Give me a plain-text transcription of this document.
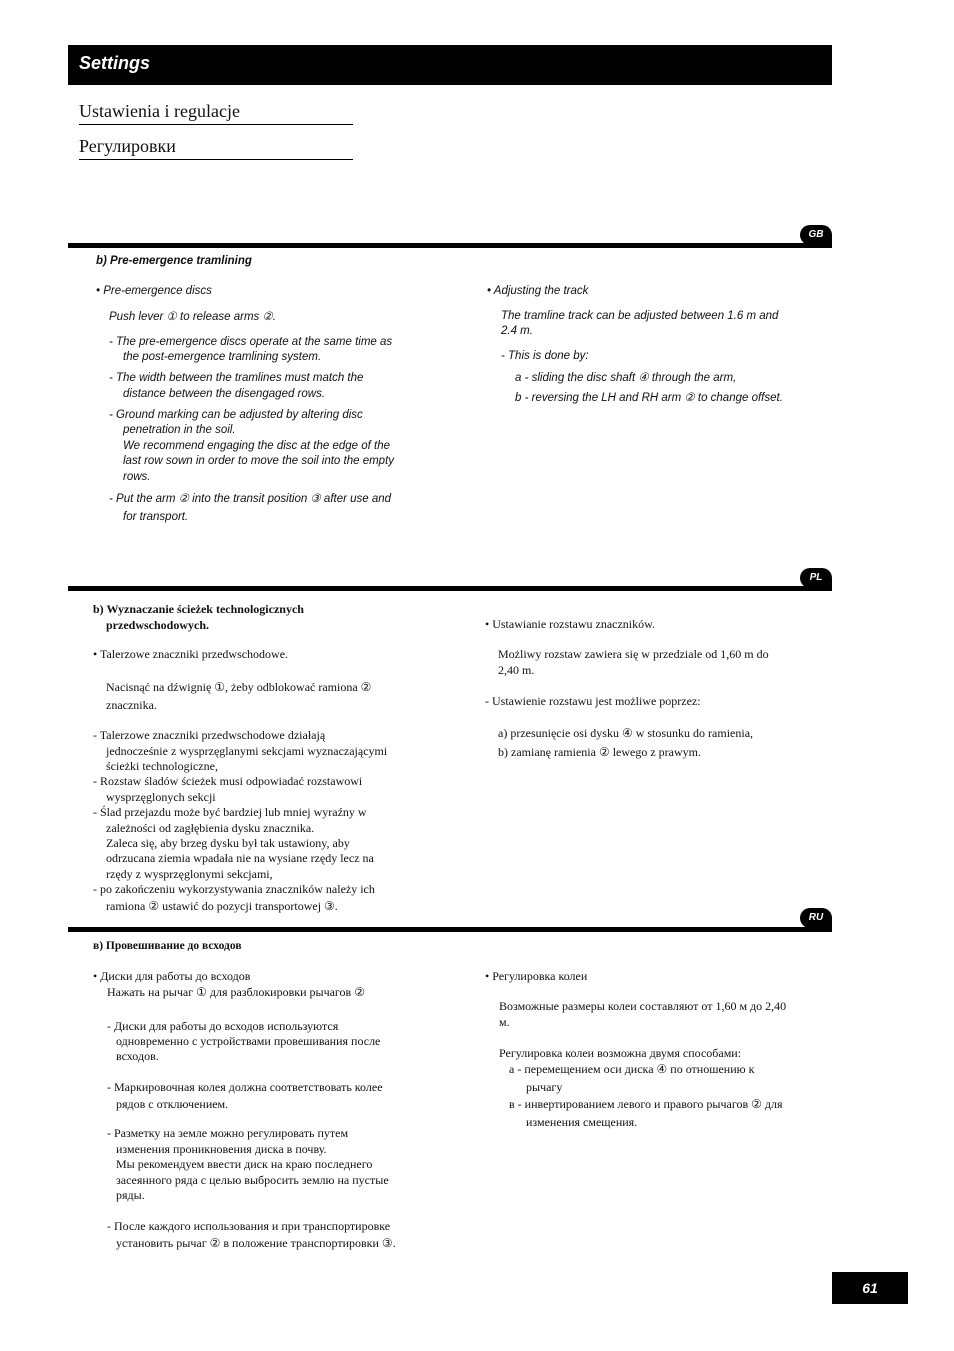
Settings
Ustawienia i regulacje
Регулировки
GB
b) Pre-emergence tramlining
• Pre-emergence discs
Push lever ① to release arms ②.
- The pre-emergence discs operate at the same time as
the post-emergence tramlining system.
- The width between the tramlines must match the
distance between the disengaged rows.
- Ground marking can be adjusted by altering disc
penetration in the soil.
We recommend engaging the disc at the edge of the
last row sown in order to move the soil into the empty
rows.
- Put the arm ② into the transit position ③ after use and
for transport.
• Adjusting the track
The tramline track can be adjusted between 1.6 m and
2.4 m.
- This is done by:
a - sliding the disc shaft ④ through the arm,
b - reversing the LH and RH arm ② to change offset.
PL
b) Wyznaczanie ścieżek technologicznych
przedwschodowych.
• Talerzowe znaczniki przedwschodowe.
Nacisnąć na dźwignię ①, żeby odblokować ramiona ②
znacznika.
- Talerzowe znaczniki przedwschodowe działają
jednocześnie z wysprzęglanymi sekcjami wyznaczającymi
ścieżki technologiczne,
- Rozstaw śladów ścieżek musi odpowiadać rozstawowi
wysprzęglonych sekcji
- Ślad przejazdu może być bardziej lub mniej wyraźny w
zależności od zagłębienia dysku znacznika.
Zaleca się, aby brzeg dysku był tak ustawiony, aby
odrzucana ziemia wpadała nie na wysiane rzędy lecz na
rzędy z wysprzęglonymi sekcjami,
- po zakończeniu wykorzystywania znaczników należy ich
ramiona ② ustawić do pozycji transportowej ③.
• Ustawianie rozstawu znaczników.
Możliwy rozstaw zawiera się w przedziale od 1,60 m do
2,40 m.
- Ustawienie rozstawu jest możliwe poprzez:
a) przesunięcie osi dysku ④ w stosunku do ramienia,
b) zamianę ramienia ② lewego z prawym.
RU
в) Провешивание до всходов
• Диски для работы до всходов
Нажать на рычаг ① для разблокировки рычагов ②
- Диски для работы до всходов используются
одновременно с устройствами провешивания после
всходов.
- Маркировочная колея должна соответствовать колее
рядов с отключением.
- Разметку на земле можно регулировать путем
изменения проникновения диска в почву.
Мы рекомендуем ввести диск на краю последнего
засеянного ряда с целью выбросить землю на пустые
ряды.
- После каждого использования и при транспортировке
установить рычаг ② в положение транспортировки ③.
• Регулировка колеи
Возможные размеры колеи составляют от 1,60 м до 2,40
м.
Регулировка колеи возможна двумя способами:
а - перемещением оси диска ④ по отношению к
рычагу
в - инвертированием левого и правого рычагов ② для
изменения смещения.
61
